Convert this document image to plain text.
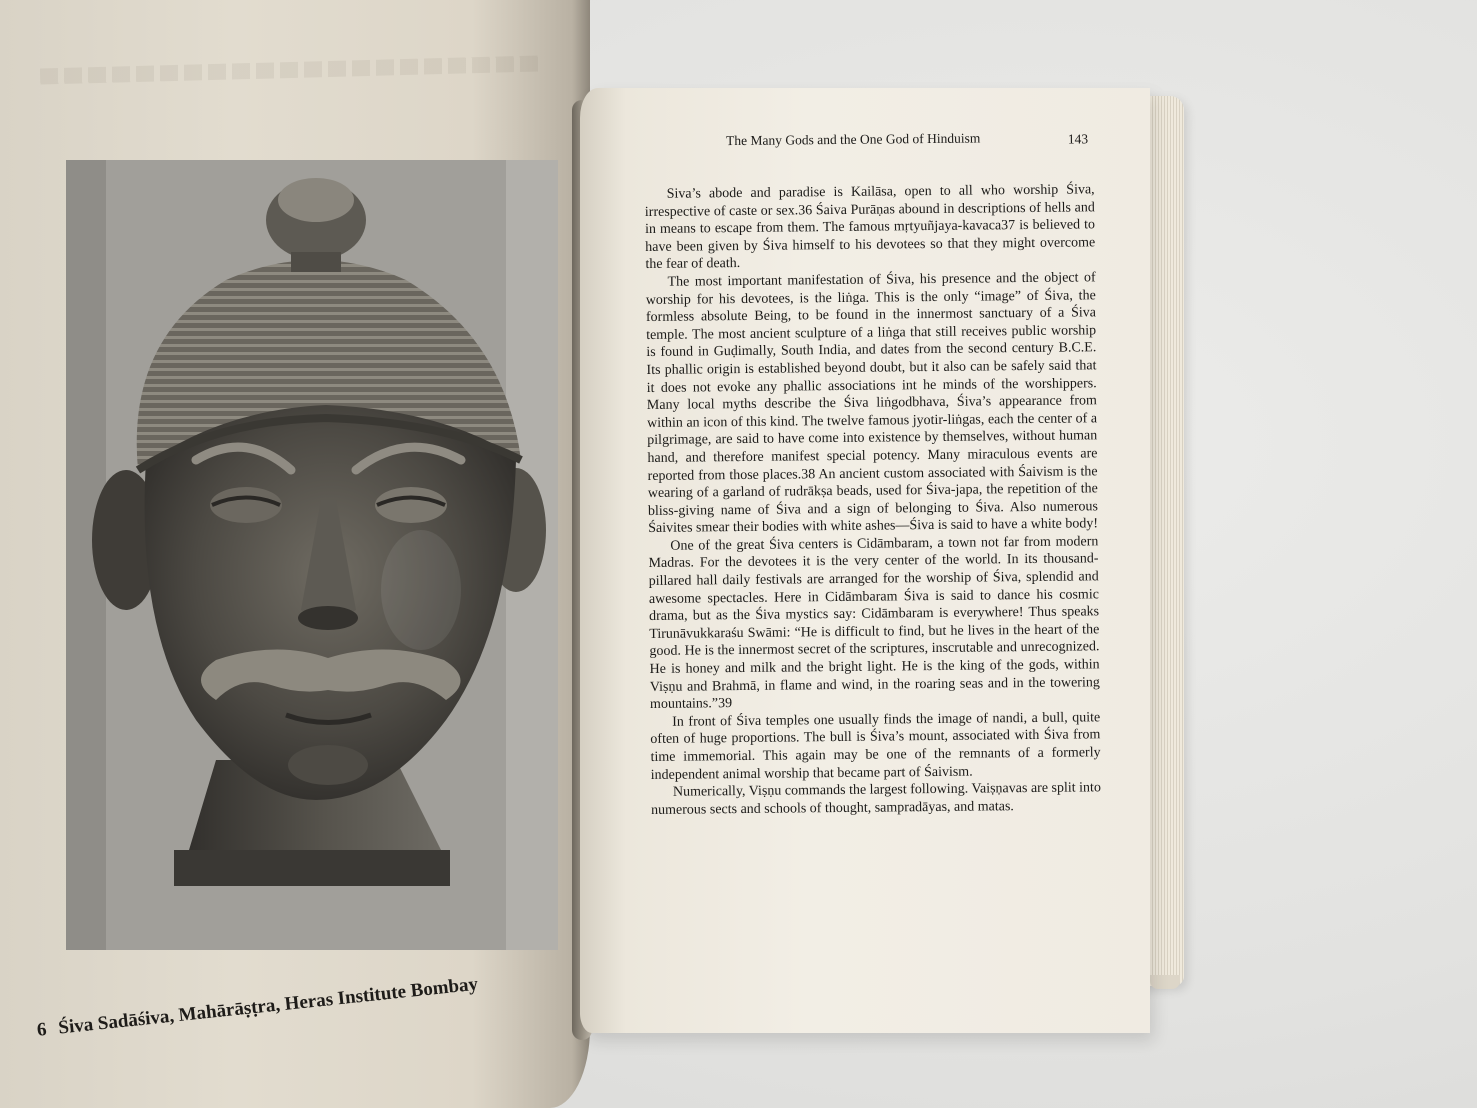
6 Śiva Sadāśiva, Mahārāṣṭra, Heras Institute Bombay
The Many Gods and the One God of Hinduism	143

Siva’s abode and paradise is Kailāsa, open to all who worship Śiva, irrespective of caste or sex.36 Śaiva Purāṇas abound in descriptions of hells and in means to escape from them. The famous mṛtyuñjaya-kavaca37 is believed to have been given by Śiva himself to his devotees so that they might overcome the fear of death.

The most important manifestation of Śiva, his presence and the object of worship for his devotees, is the liṅga. This is the only “image” of Śiva, the formless absolute Being, to be found in the innermost sanctuary of a Śiva temple. The most ancient sculpture of a liṅga that still receives public worship is found in Guḍimally, South India, and dates from the second century B.C.E. Its phallic origin is established beyond doubt, but it also can be safely said that it does not evoke any phallic associations int he minds of the worshippers. Many local myths describe the Śiva liṅgodbhava, Śiva’s appearance from within an icon of this kind. The twelve famous jyotir-liṅgas, each the center of a pilgrimage, are said to have come into existence by themselves, without human hand, and therefore manifest special potency. Many miraculous events are reported from those places.38 An ancient custom associated with Śaivism is the wearing of a garland of rudrākṣa beads, used for Śiva-japa, the repetition of the bliss-giving name of Śiva and a sign of belonging to Śiva. Also numerous Śaivites smear their bodies with white ashes—Śiva is said to have a white body!

One of the great Śiva centers is Cidāmbaram, a town not far from modern Madras. For the devotees it is the very center of the world. In its thousand-pillared hall daily festivals are arranged for the worship of Śiva, splendid and awesome spectacles. Here in Cidāmbaram Śiva is said to dance his cosmic drama, but as the Śiva mystics say: Cidāmbaram is everywhere! Thus speaks Tirunāvukkaraśu Swāmi: “He is difficult to find, but he lives in the heart of the good. He is the innermost secret of the scriptures, inscrutable and unrecognized. He is honey and milk and the bright light. He is the king of the gods, within Viṣṇu and Brahmā, in flame and wind, in the roaring seas and in the towering mountains.”39

In front of Śiva temples one usually finds the image of nandi, a bull, quite often of huge proportions. The bull is Śiva’s mount, associated with Śiva from time immemorial. This again may be one of the remnants of a formerly independent animal worship that became part of Śaivism.

Numerically, Viṣṇu commands the largest following. Vaiṣṇavas are split into numerous sects and schools of thought, sampradāyas, and matas.
